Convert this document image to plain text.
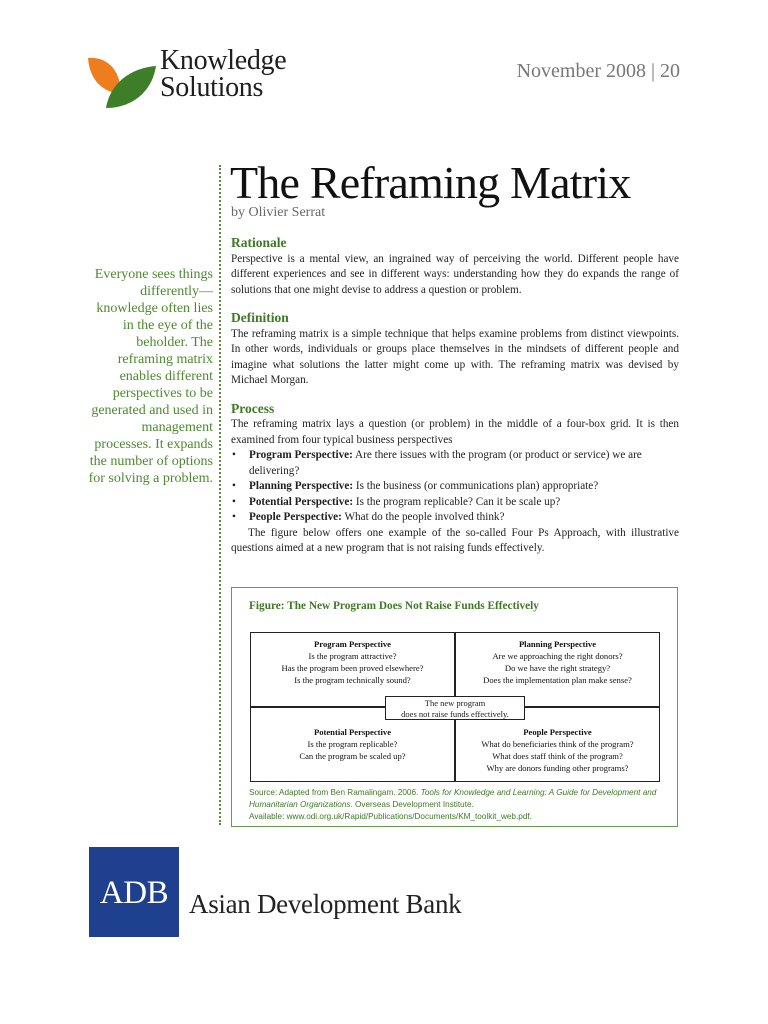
Knowledge
Solutions
November 2008 | 20
Everyone sees things differently—knowledge often lies in the eye of the beholder. The reframing matrix enables different perspectives to be generated and used in management processes. It expands the number of options for solving a problem.
The Reframing Matrix
by Olivier Serrat
Rationale

Perspective is a mental view, an ingrained way of perceiving the world. Different people have different experiences and see in different ways: understanding how they do expands the range of solutions that one might devise to address a question or problem.

Definition

The reframing matrix is a simple technique that helps examine problems from distinct viewpoints. In other words, individuals or groups place themselves in the mindsets of different people and imagine what solutions the latter might come up with. The reframing matrix was devised by Michael Morgan.

Process
The reframing matrix lays a question (or problem) in the middle of a four-box grid. It is then examined from four typical business perspectives
• Program Perspective: Are there issues with the program (or product or service) we are delivering?
• Planning Perspective: Is the business (or communications plan) appropriate?
• Potential Perspective: Is the program replicable? Can it be scale up?
• People Perspective: What do the people involved think?

The figure below offers one example of the so-called Four Ps Approach, with illustrative questions aimed at a new program that is not raising funds effectively.

Figure: The New Program Does Not Raise Funds Effectively
Program Perspective
Is the program attractive?
Has the program been proved elsewhere?
Is the program technically sound?
Planning Perspective
Are we approaching the right donors?
Do we have the right strategy?
Does the implementation plan make sense?
Potential Perspective
Is the program replicable?
Can the program be scaled up?
People Perspective
What do beneficiaries think of the program?
What does staff think of the program?
Why are donors funding other programs?
The new program
does not raise funds effectively.
Source: Adapted from Ben Ramalingam. 2006. Tools for Knowledge and Learning: A Guide for Development and Humanitarian Organizations. Overseas Development Institute.
Available: www.odi.org.uk/Rapid/Publications/Documents/KM_toolkit_web.pdf.
ADB Asian Development Bank
